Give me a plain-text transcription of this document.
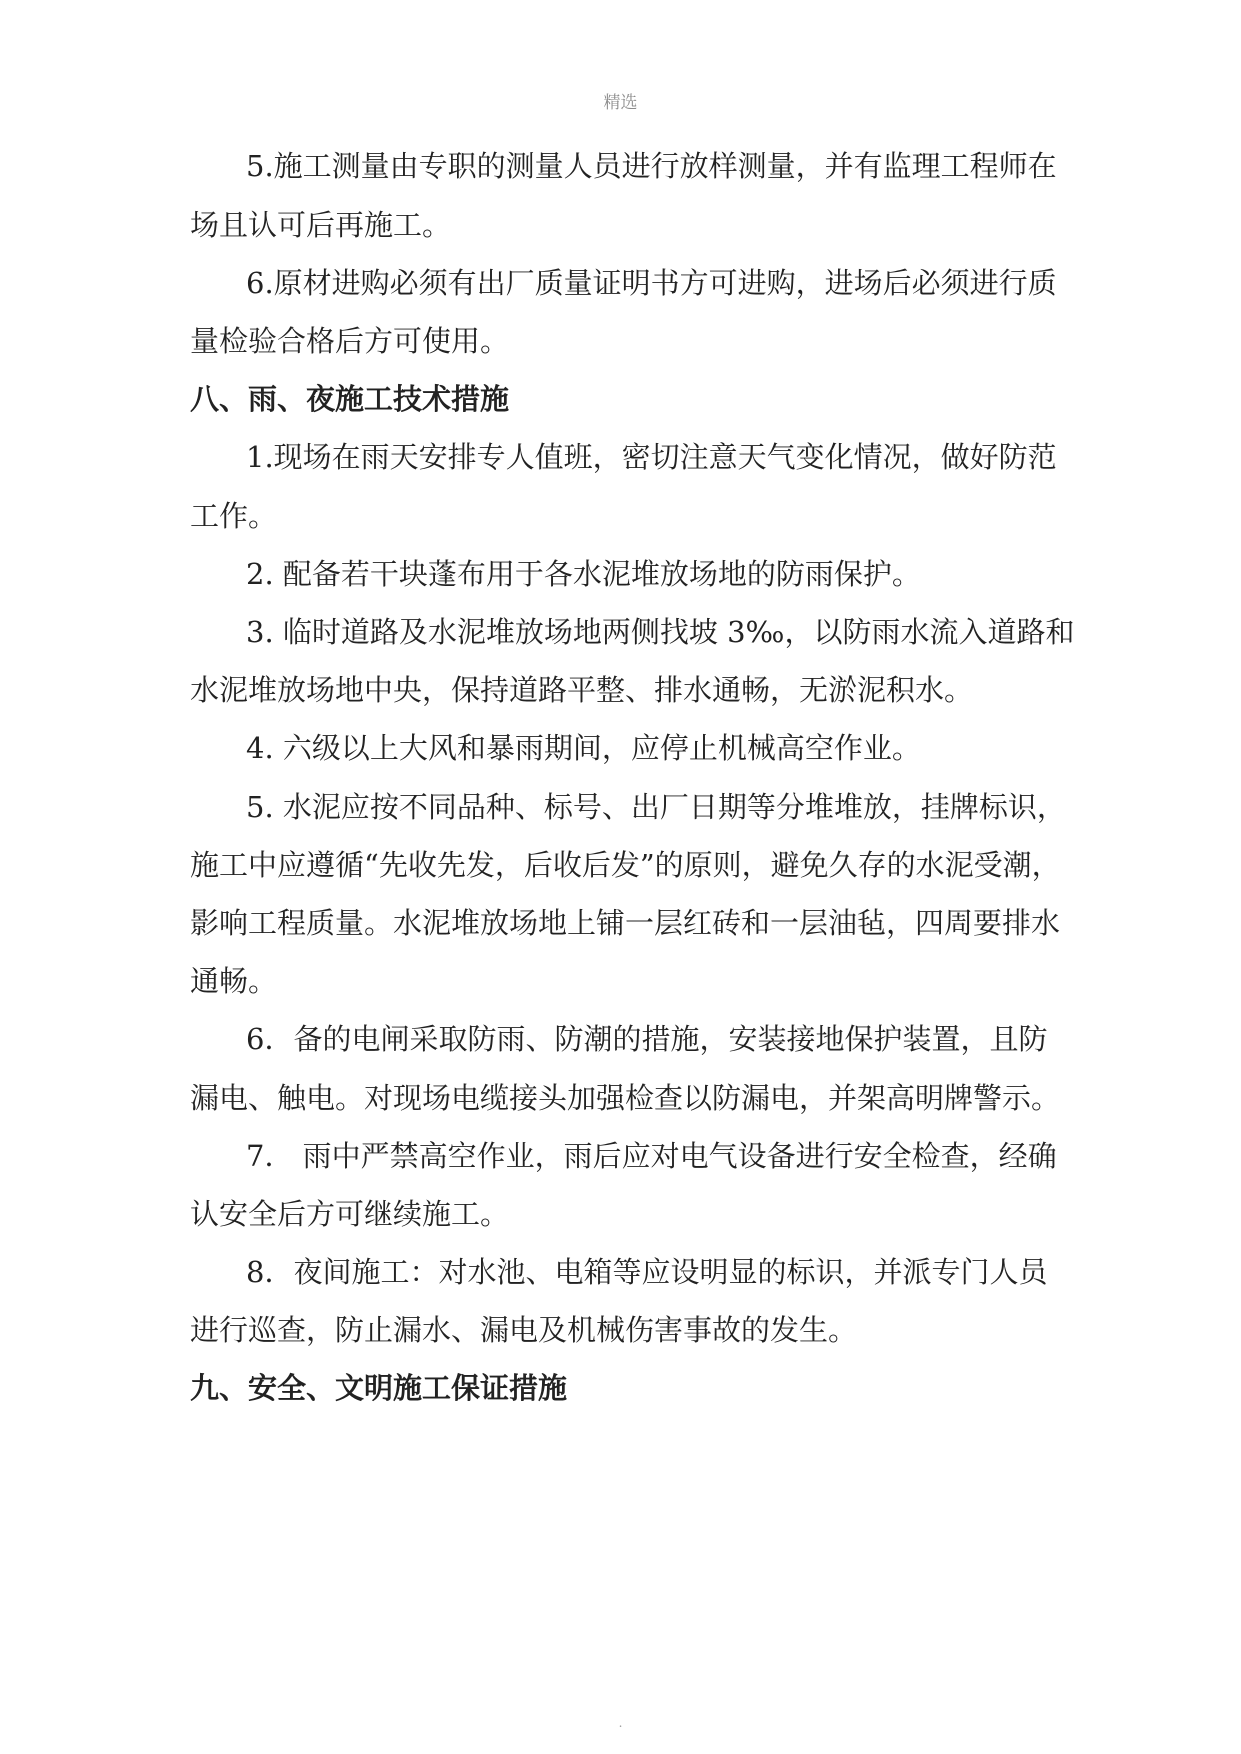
精选
5.施工测量由专职的测量人员进行放样测量，并有监理工程师在
场且认可后再施工。
6.原材进购必须有出厂质量证明书方可进购，进场后必须进行质
量检验合格后方可使用。
八、雨、夜施工技术措施
1.现场在雨天安排专人值班，密切注意天气变化情况，做好防范
工作。
2. 配备若干块蓬布用于各水泥堆放场地的防雨保护。
3. 临时道路及水泥堆放场地两侧找坡 3‰，以防雨水流入道路和
水泥堆放场地中央，保持道路平整、排水通畅，无淤泥积水。
4. 六级以上大风和暴雨期间，应停止机械高空作业。
5. 水泥应按不同品种、标号、出厂日期等分堆堆放，挂牌标识，
施工中应遵循“先收先发，后收后发”的原则，避免久存的水泥受潮，
影响工程质量。水泥堆放场地上铺一层红砖和一层油毡，四周要排水
通畅。
6．备的电闸采取防雨、防潮的措施，安装接地保护装置，且防
漏电、触电。对现场电缆接头加强检查以防漏电，并架高明牌警示。
7． 雨中严禁高空作业，雨后应对电气设备进行安全检查，经确
认安全后方可继续施工。
8．夜间施工：对水池、电箱等应设明显的标识，并派专门人员
进行巡查，防止漏水、漏电及机械伤害事故的发生。
九、安全、文明施工保证措施
.
